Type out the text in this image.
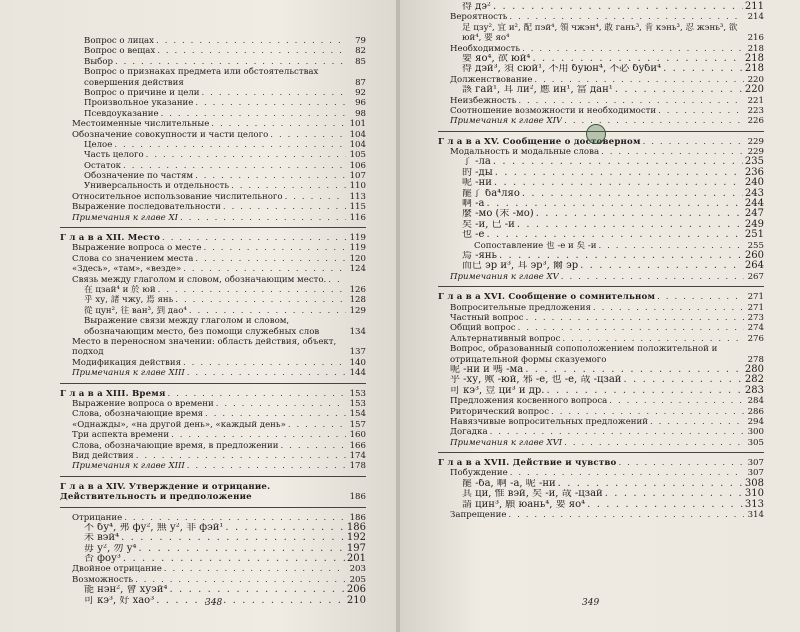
Вопрос о лицах . . .	79
Вопрос о вещах . . .	82
Выбор . . .	85
Вопрос о признаках предмета или обстоятельствах совершения действия	87
Вопрос о причине и цели . . .	92
Произвольное указание . . .	96
Псевдоуказание . . .	98
Местоименные числительные . . .	101
Обозначение совокупности и части целого . . .	104
Целое . . .	104
Часть целого . . .	105
Остаток . . .	106
Обозначение по частям . . .	107
Универсальность и отдельность . . .	110
Относительное использование числительного . . .	113
Выражение последовательности . . .	115
Примечания к главе XI . . .	116
Г л а в а XII. Место . . .	119
Выражение вопроса о месте . . .	119
Слова со значением места . . .	120
«Здесь», «там», «везде» . . .	124
Связь между глаголом и словом, обозначающим место.
. . .
在 цзай⁴ и 於 юй . . .	126
乎 ху, 諸 чжу, 焉 янь . . .	128
從 цун², 往 ван³, 到 дао⁴ . . .	129
Выражение связи между глаголом и словом, обозначающим место, без помощи служебных слов	134
Место в переносном значении: область действия, объект, подход	137
Модификация действия . . .	140
Примечания к главе XIII . . .	144
Г л а в а XIII. Время . . .	153
Выражение вопроса о времени . . .	153
Слова, обозначающие время . . .	154
«Однажды», «на другой день», «каждый день» . . .	157
Три аспекта времени . . .	160
Слова, обозначающие время, в предложении . . .	166
Вид действия . . .	174
Примечания к главе XIII . . .	178
Г л а в а XIV. Утверждение и отрицание. Действительность и предположение	186
Отрицание . . .	186
不 бу⁴, 弗 фу², 無 у², 非 фэй¹ . . .	186
未 вэй⁴ . . .	192
毋 у², 勿 у⁴ . . .	197
否 фоу³ . . .	201
Двойное отрицание . . .	203
Возможность . . .	205
能 нэн², 會 хуэй⁴ . . .	206
可 кэ³, 好 хао³ . . .	210
348
得 дэ² . . .	211
Вероятность . . .	214
足 цзу², 宜 и², 配 пэй⁴, 領 чжэн⁴, 敢 гань³, 肯 кэнь³, 忍 жэнь³, 欲 юй⁴, 要 яо⁴	216
Необходимость . . .	218
要 яо⁴, 欲 юй⁴ . . .	218
得 дэй³, 須 сюй¹, 不用 буюн⁴, 不必 буби⁴ . . .	218
Долженствование . . .	220
該 гай¹, 耳 ли², 應 ин¹, 當 дан¹ . . .	220
Неизбежность . . .	221
Соотношение возможности и необходимости . . .	223
Примечания к главе XIV . . .	226
Г л а в а XV. Сообщение о достоверном . . .	229
Модальность и модальные слова . . .	229
了 -ла . . .	235
的 -ды . . .	236
呢 -ни . . .	240
罷了 ба⁴ляо . . .	243
啊 -а . . .	244
麼 -мо (末 -мо) . . .	247
矣 -и, 已 -и . . .	249
也 -е . . .	251
Сопоставление 也 -е и 矣 -и . . .	255
焉 -янь . . .	260
而已 эр и³, 耳 эр³, 爾 эр . . .	264
Примечания к главе XV . . .	267
Г л а в а XVI. Сообщение о сомнительном . . .	271
Вопросительные предложения . . .	271
Частный вопрос . . .	273
Общий вопрос . . .	274
Альтернативный вопрос . . .	276
Вопрос, образованный сопоположением положительной и отрицательной формы сказуемого	278
呢 -ни и 嗎 -ма . . .	280
乎 -ху, 歟 -юй, 邪 -е, 也 -е, 哉 -цзай . . .	282
可 кэ³, 豈 ци³ и др. . . .	283
Предложения косвенного вопроса . . .	284
Риторический вопрос . . .	286
Навязчивые вопросительных предложений . . .	294
Догадка . . .	300
Примечания к главе XVI . . .	305
Г л а в а XVII. Действие и чувство . . .	307
Побуждение . . .	307
罷 -ба, 啊 -а, 呢 -ни . . .	308
其 ци, 惟 вэй, 矣 -и, 哉 -цзай . . .	310
請 цин³, 願 юань⁴, 要 яо⁴ . . .	313
Запрещение . . .	314
349
